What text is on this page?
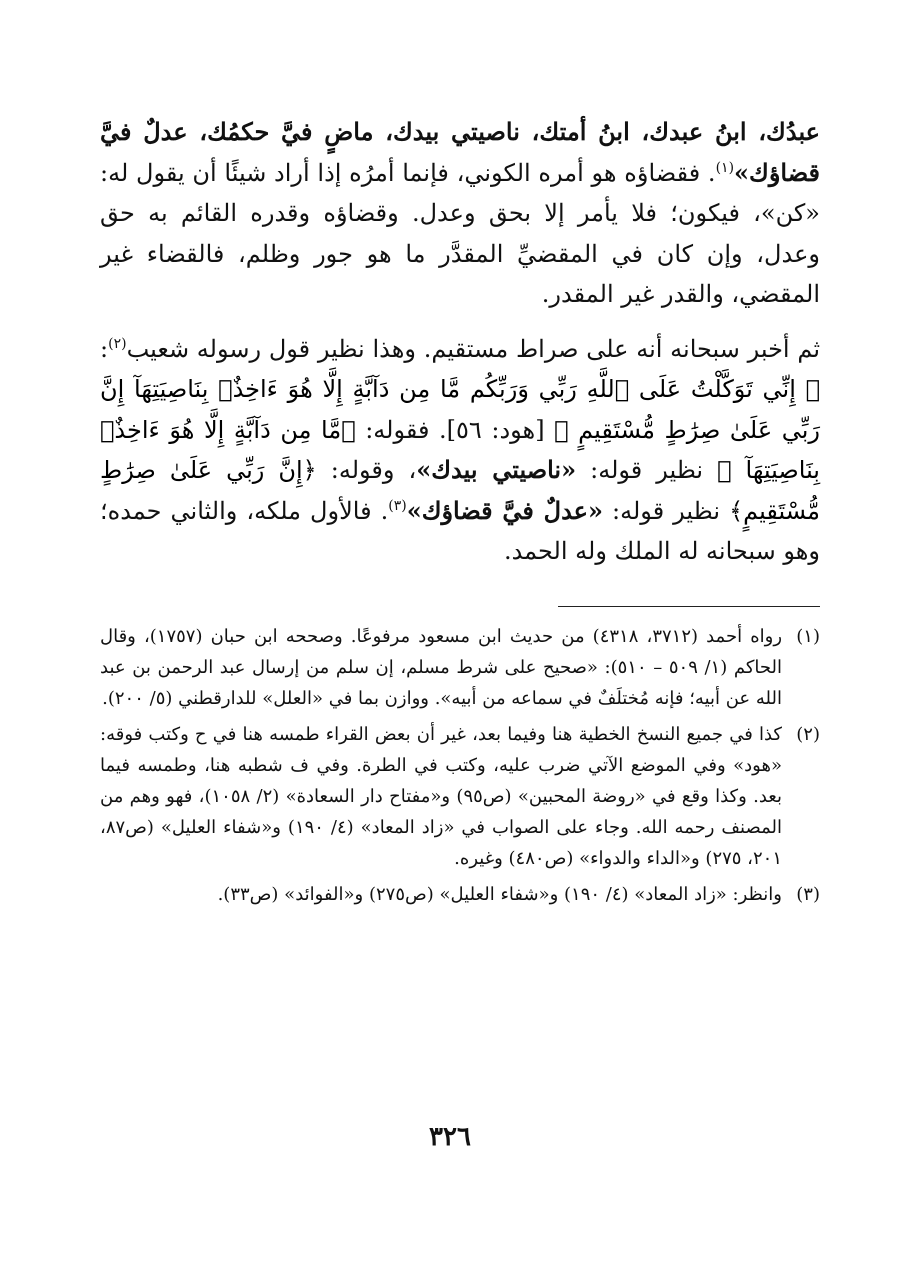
عبدُك، ابنُ عبدك، ابنُ أمتك، ناصيتي بيدك، ماضٍ فيَّ حكمُك، عدلٌ فيَّ قضاؤك»$^{(١)}$. فقضاؤه هو أمره الكوني، فإنما أمرُه إذا أراد شيئًا أن يقول له: «كن»، فيكون؛ فلا يأمر إلا بحق وعدل. وقضاؤه وقدره القائم به حق وعدل، وإن كان في المقضيِّ المقدَّر ما هو جور وظلم، فالقضاء غير المقضي، والقدر غير المقدر.

ثم أخبر سبحانه أنه على صراط مستقيم. وهذا نظير قول رسوله شعيب$^{(٢)}$: ﴿ إِنِّي تَوَكَّلْتُ عَلَى ٱللَّهِ رَبِّي وَرَبِّكُم مَّا مِن دَآبَّةٍ إِلَّا هُوَ ءَاخِذٌۢ بِنَاصِيَتِهَآ إِنَّ رَبِّي عَلَىٰ صِرَٰطٍ مُّسْتَقِيمٍ ﴾ [هود: ٥٦]. فقوله: ﴿مَّا مِن دَآبَّةٍ إِلَّا هُوَ ءَاخِذٌۢ بِنَاصِيَتِهَآ ﴾ نظير قوله: «ناصيتي بيدك»، وقوله: ﴿إِنَّ رَبِّي عَلَىٰ صِرَٰطٍ مُّسْتَقِيمٍ﴾ نظير قوله: «عدلٌ فيَّ قضاؤك»$^{(٣)}$. فالأول ملكه، والثاني حمده؛ وهو سبحانه له الملك وله الحمد.

(١)
رواه أحمد (٣٧١٢، ٤٣١٨) من حديث ابن مسعود مرفوعًا. وصححه ابن حبان (١٧٥٧)، وقال الحاكم (١/ ٥٠٩ – ٥١٠): «صحيح على شرط مسلم، إن سلم من إرسال عبد الرحمن بن عبد الله عن أبيه؛ فإنه مُختلَفٌ في سماعه من أبيه». ووازن بما في «العلل» للدارقطني (٥/ ٢٠٠).
(٢)
كذا في جميع النسخ الخطية هنا وفيما بعد، غير أن بعض القراء طمسه هنا في ح وكتب فوقه: «هود» وفي الموضع الآتي ضرب عليه، وكتب في الطرة. وفي ف شطبه هنا، وطمسه فيما بعد. وكذا وقع في «روضة المحبين» (ص٩٥) و«مفتاح دار السعادة» (٢/ ١٠٥٨)، فهو وهم من المصنف رحمه الله. وجاء على الصواب في «زاد المعاد» (٤/ ١٩٠) و«شفاء العليل» (ص٨٧، ٢٠١، ٢٧٥) و«الداء والدواء» (ص٤٨٠) وغيره.
(٣)
وانظر: «زاد المعاد» (٤/ ١٩٠) و«شفاء العليل» (ص٢٧٥) و«الفوائد» (ص٣٣).
٣٢٦
